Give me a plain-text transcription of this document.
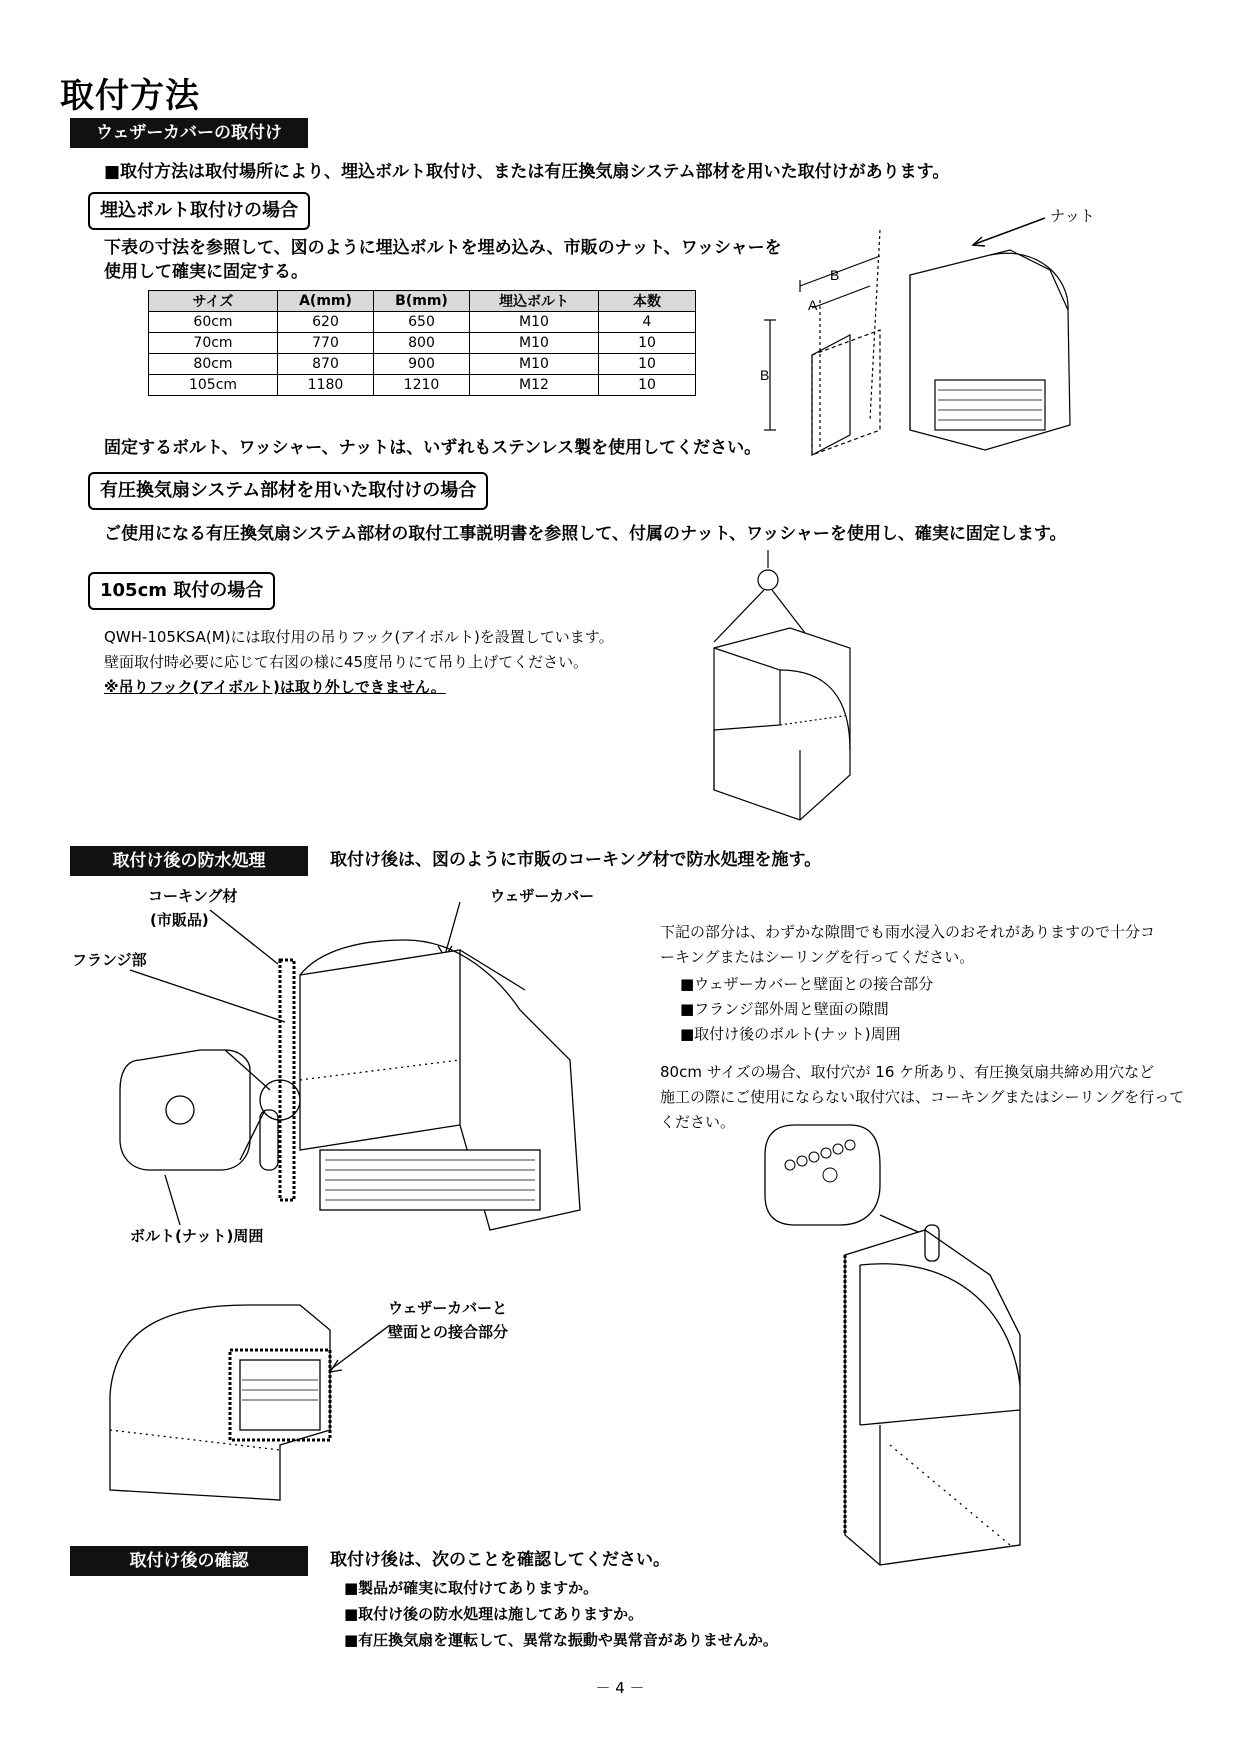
取付方法
ウェザーカバーの取付け
■取付方法は取付場所により、埋込ボルト取付け、または有圧換気扇システム部材を用いた取付けがあります。
埋込ボルト取付けの場合
下表の寸法を参照して、図のように埋込ボルトを埋め込み、市販のナット、ワッシャーを
使用して確実に固定する。
サイズ	A(mm)	B(mm)	埋込ボルト	本数
60cm	620	650	M10	4
70cm	770	800	M10	10
80cm	870	900	M10	10
105cm	1180	1210	M12	10
固定するボルト、ワッシャー、ナットは、いずれもステンレス製を使用してください。
A
B
B
ナット
有圧換気扇システム部材を用いた取付けの場合
ご使用になる有圧換気扇システム部材の取付工事説明書を参照して、付属のナット、ワッシャーを使用し、確実に固定します。
105cm 取付の場合
QWH-105KSA(M)には取付用の吊りフック(アイボルト)を設置しています。
壁面取付時必要に応じて右図の様に45度吊りにて吊り上げてください。
※吊りフック(アイボルト)は取り外しできません。
取付け後の防水処理	取付け後は、図のように市販のコーキング材で防水処理を施す。
コーキング材
(市販品)
フランジ部
ウェザーカバー
ボルト(ナット)周囲
ウェザーカバーと
壁面との接合部分
下記の部分は、わずかな隙間でも雨水浸入のおそれがありますので十分コ
ーキングまたはシーリングを行ってください。
■ウェザーカバーと壁面との接合部分
■フランジ部外周と壁面の隙間
■取付け後のボルト(ナット)周囲
80cm サイズの場合、取付穴が 16 ケ所あり、有圧換気扇共締め用穴など
施工の際にご使用にならない取付穴は、コーキングまたはシーリングを行って
ください。
取付け後の確認	取付け後は、次のことを確認してください。
■製品が確実に取付けてありますか。
■取付け後の防水処理は施してありますか。
■有圧換気扇を運転して、異常な振動や異常音がありませんか。
－ 4 －
